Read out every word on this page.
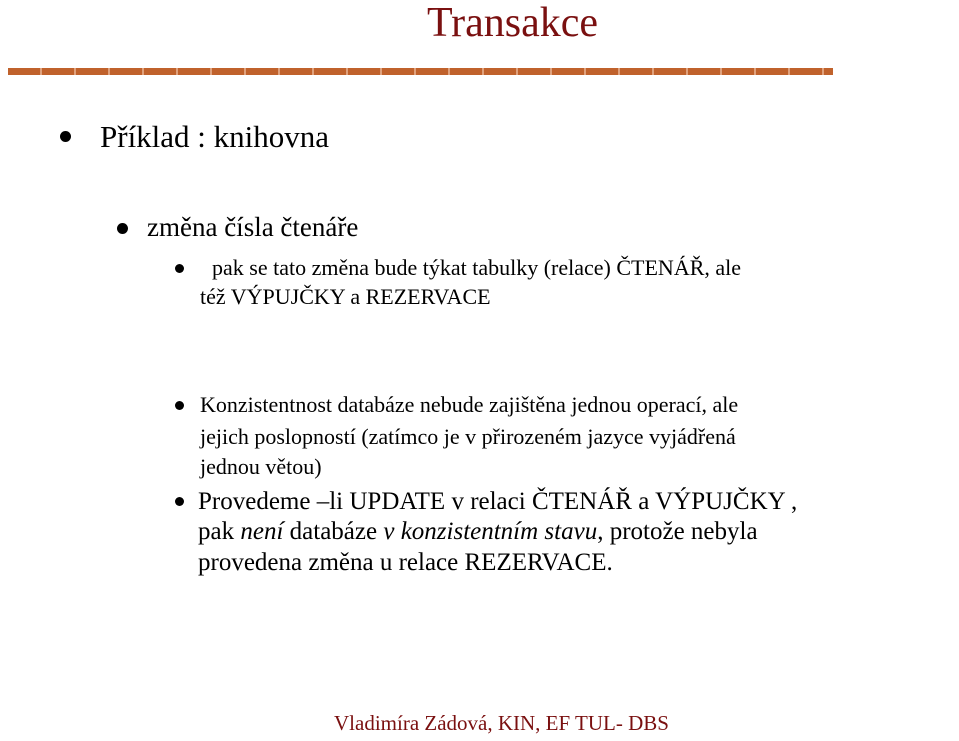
Transakce
Příklad : knihovna
změna čísla čtenáře
pak se tato změna bude týkat tabulky (relace) ČTENÁŘ, ale
též VÝPUJČKY a REZERVACE
Konzistentnost databáze nebude zajištěna jednou operací, ale
jejich poslopností (zatímco je v přirozeném jazyce vyjádřená
jednou větou)
Provedeme –li UPDATE v relaci ČTENÁŘ a VÝPUJČKY ,
pak není databáze v konzistentním stavu, protože nebyla
provedena změna u relace REZERVACE.
Vladimíra Zádová, KIN, EF TUL- DBS
